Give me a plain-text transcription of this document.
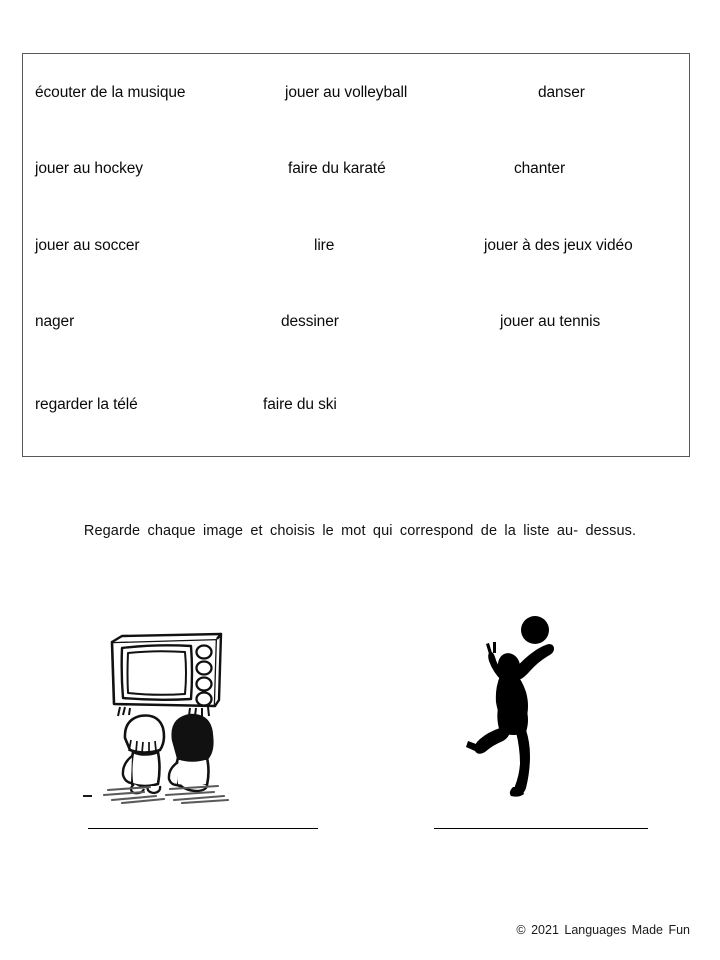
écouter de la musique	jouer au volleyball	danser
jouer au hockey	faire du karaté	chanter
jouer au soccer	lire	jouer à des jeux vidéo
nager	dessiner	jouer au tennis
regarder la télé	faire du ski
Regarde chaque image et choisis le mot qui correspond de la liste au- dessus.
© 2021 Languages Made Fun
